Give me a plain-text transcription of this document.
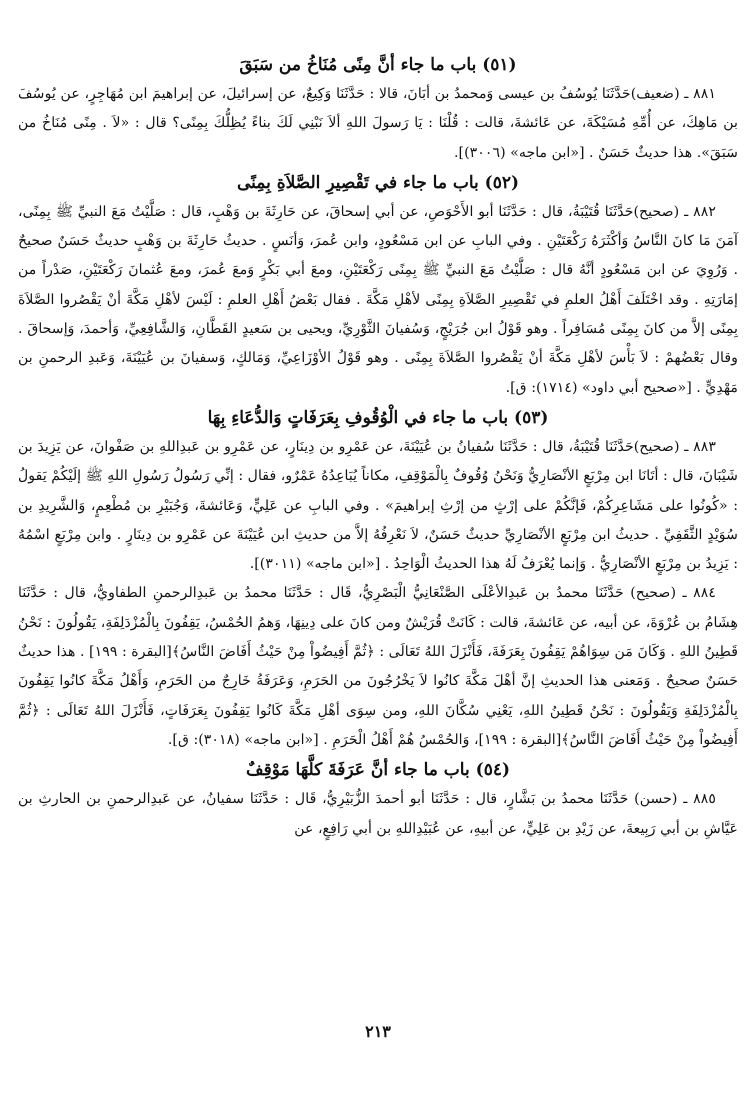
(٥١) باب ما جاء أنَّ مِنًى مُنَاخُ من سَبَقَ

٨٨١ ـ (ضعيف)حَدَّثَنَا يُوسُفُ بن عيسى وَمحمدُ بن أبَانَ، قالا : حَدَّثَنَا وَكِيعٌ، عن إسرائيلَ، عن إبراهيمَ ابن مُهَاجِرٍ، عن يُوسُفَ بن مَاهِكَ، عن أُمِّهِ مُسَيْكَةَ، عن عَائشةَ، قالت : قُلْنَا : يَا رَسولَ اللهِ ألاَ نَبْنِي لَكَ بناءً يُظِلُّكَ بِمِنًى؟ قال : «لاَ . مِنًى مُنَاخُ من سَبَقَ». هذا حديثٌ حَسَنٌ . [«ابن ماجه» (٣٠٠٦)].

(٥٢) باب ما جاء في تَقْصِيرِ الصَّلاَةِ بِمِنًى

٨٨٢ ـ (صحيح)حَدَّثَنَا قُتَيْبَةُ، قال : حَدَّثَنَا أبو الأَحْوَصِ، عن أبي إسحاقَ، عن حَارِثَةَ بن وَهْبٍ، قال : صَلَّيْتُ مَعَ النبيِّ ﷺ بِمِنًى، آمَنَ مَا كانَ النَّاسُ وَأكْثَرَهُ رَكْعَتَيْنِ . وفي البابِ عن ابن مَسْعُودٍ، وابن عُمرَ، وَأنَسٍ . حديثُ حَارِثَةَ بن وَهْبٍ حديثٌ حَسَنٌ صحيحٌ . وَرُوِيَ عن ابن مَسْعُودٍ أنَّهُ قال : صَلَّيْتُ مَعَ النبيِّ ﷺ بِمِنًى رَكْعَتَيْنِ، ومعَ أبي بَكْرٍ وَمعَ عُمرَ، ومعَ عُثمانَ رَكْعَتَيْنِ، صَدْراً من إمَارَتِهِ . وقد اخْتَلَفَ أَهْلُ العلمِ في تَقْصِيرِ الصَّلاَةِ بِمِنًى لأهْلِ مَكَّةَ . فقال بَعْضُ أَهْلِ العلمِ : لَيْسَ لأهْلِ مَكَّةَ أنْ يَقْصُروا الصَّلاَةَ بِمِنًى إلاَّ من كانَ بِمِنًى مُسَافِراً . وهو قَوْلُ ابن جُرَيْجٍ، وَسُفيانَ الثَّوْرِيِّ، ويحيى بن سَعيدٍ القَطَّانِ، وَالشَّافِعِيِّ، وَأحمدَ، وَإسحاقَ . وقال بَعْضُهمْ : لاَ بَأْسَ لأهْلِ مَكَّةَ أنْ يَقْصُروا الصَّلاَةَ بِمِنًى . وهو قَوْلُ الأوْزَاعِيِّ، وَمَالكٍ، وَسفيانَ بن عُيَيْنَةَ، وَعَبدِ الرحمنِ بن مَهْدِيٍّ . [«صحيح أبي داود» (١٧١٤): ق].

(٥٣) باب ما جاء في الْوُقُوفِ بِعَرَفَاتٍ وَالدُّعَاءِ بِهَا

٨٨٣ ـ (صحيح)حَدَّثَنَا قُتَيْبَةُ، قال : حَدَّثَنَا سُفيانُ بن عُيَيْنَةَ، عن عَمْرِو بن دِينَارٍ، عن عَمْرِو بن عَبدِاللهِ بن صَفْوانَ، عن يَزِيدَ بن شَيْبَانَ، قال : أتَانَا ابن مِرْبَعٍ الأنْصَارِيُّ وَنَحْنُ وُقُوفٌ بِالْمَوْقِفِ، مكاناً يُبَاعِدُهُ عَمْرٌو، فقال : إنِّي رَسُولُ رَسُولِ اللهِ ﷺ إلَيْكُمْ يَقولُ : «كُونُوا على مَشَاعِرِكُمْ، فَإنَّكُمْ على إرْثٍ من إرْثِ إبراهيمَ» . وفي البابِ عن عَلِيٍّ، وَعَائشةَ، وَجُبَيْرِ بن مُطْعِمٍ، وَالشَّرِيدِ بن سُوَيْدٍ الثَّقَفِيِّ . حديثُ ابن مِرْبَعٍ الأنْصَارِيِّ حديثٌ حَسَنٌ، لاَ نَعْرِفُهُ إلاَّ من حديثِ ابن عُيَيْنَةَ عن عَمْرِو بن دِينَارٍ . وابن مِرْبَعٍ اسْمُهُ : يَزِيدُ بن مِرْبَعٍ الأنْصَارِيُّ . وَإنما يُعْرَفُ لَهُ هذا الحديثُ الْوَاحِدُ . [«ابن ماجه» (٣٠١١)].

٨٨٤ ـ (صحيح) حَدَّثَنَا محمدُ بن عَبدِالأعْلَى الصَّنْعَانِيُّ الْبَصْرِيُّ، قَال : حَدَّثَنَا محمدُ بن عَبدِالرحمنِ الطفاويُّ، قال : حَدَّثَنَا هِشَامُ بن عُرْوَةَ، عن أبيه، عن عَائشةَ، قالت : كَانَتْ قُرَيْشٌ ومن كانَ على دِينِهَا، وَهمُ الحُمْسُ، يَقِفُونَ بِالْمُزْدَلِفَةِ، يَقُولُونَ : نَحْنُ قَطِينُ اللهِ . وَكَانَ مَن سِوَاهُمْ يَقِفُونَ بِعَرَفَةَ، فَأَنْزَلَ اللهُ تَعَالَى : ﴿ثُمَّ أَفِيضُواْ مِنْ حَيْثُ أَفَاضَ النَّاسُ﴾[البقرة : ١٩٩] . هذا حديثٌ حَسَنٌ صحيحٌ . وَمَعنى هذا الحديثِ إنَّ أهْلَ مَكَّةَ كانُوا لاَ يَخْرُجُونَ من الحَرَمِ، وَعَرَفَةُ خَارِجٌ من الحَرَمِ، وَأَهْلُ مَكَّةَ كانُوا يَقِفُونَ بِالْمُزْدَلِفَةِ وَيَقُولُونَ : نَحْنُ قَطِينُ اللهِ، يَعْنِي سُكَّانَ اللهِ، ومن سِوَى أهْلِ مَكَّةَ كَانُوا يَقِفُونَ بِعَرَفَاتٍ، فَأَنْزَلَ اللهُ تَعَالَى : ﴿ثُمَّ أَفِيضُواْ مِنْ حَيْثُ أَفَاضَ النَّاسُ﴾[البقرة : ١٩٩]، وَالحُمْسُ هُمْ أَهْلُ الْحَرَمِ . [«ابن ماجه» (٣٠١٨): ق].

(٥٤) باب ما جاء أنَّ عَرَفَةَ كلَّهَا مَوْقِفٌ

٨٨٥ ـ (حسن) حَدَّثَنَا محمدُ بن بَشَّارٍ، قال : حَدَّثَنَا أبو أحمدَ الزُّبَيْرِيُّ، قَال : حَدَّثَنَا سفيانُ، عن عَبدِالرحمنِ بن الحارثِ بن عَيَّاشِ بن أبي رَبِيعةَ، عن زَيْدِ بن عَلِيٍّ، عن أبيهِ، عن عُبَيْدِاللهِ بن أبي رَافِعٍ، عن

٢١٣
